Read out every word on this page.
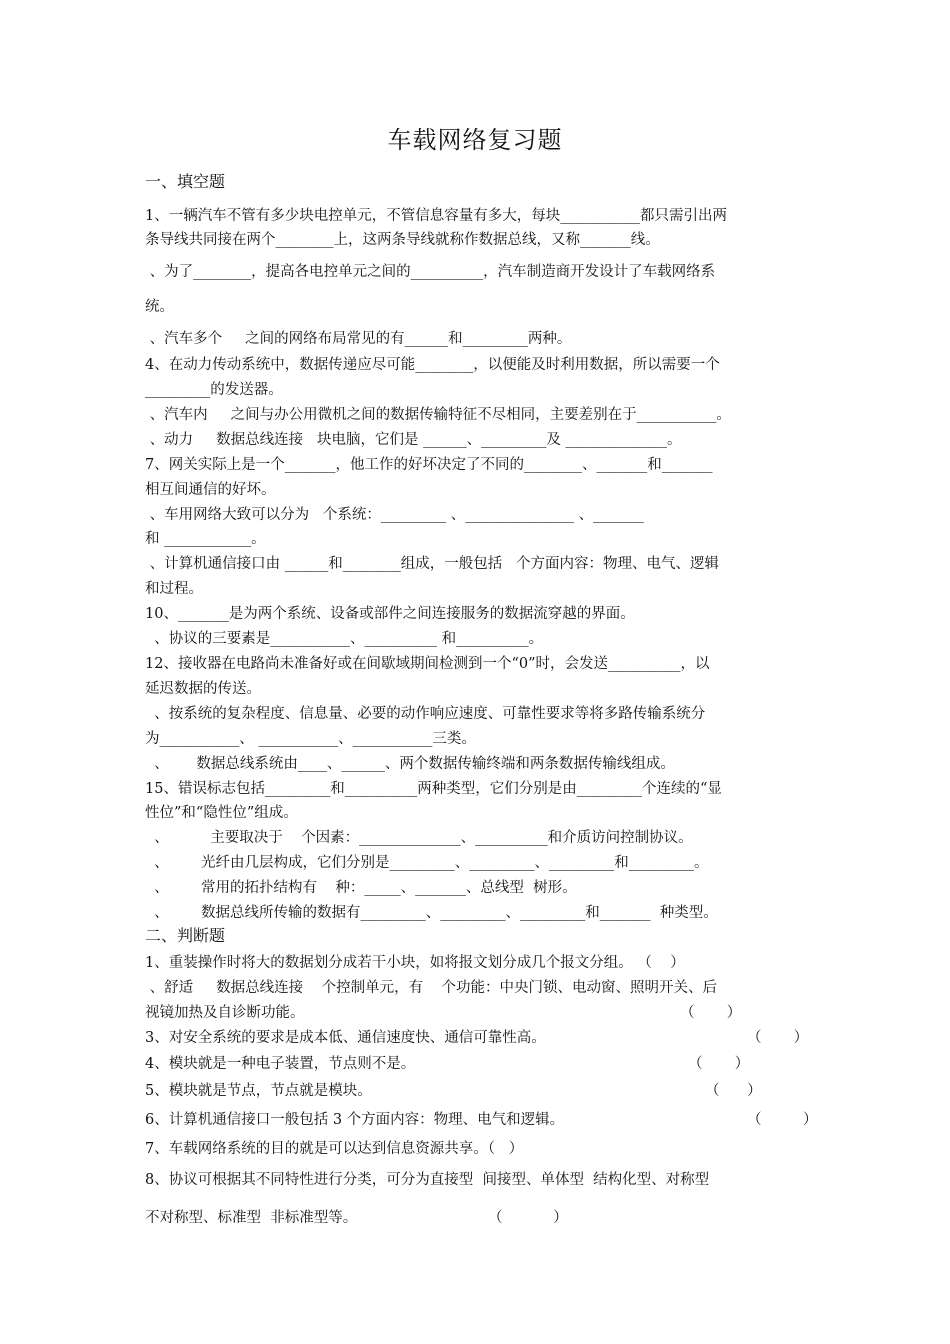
车载网络复习题
一、填空题
1、一辆汽车不管有多少块电控单元，不管信息容量有多大，每块___________都只需引出两
条导线共同接在两个________上，这两条导线就称作数据总线，又称_______线。
、为了________，提高各电控单元之间的__________，汽车制造商开发设计了车载网络系
统。
、汽车多个     之间的网络布局常见的有______和_________两种。
4、在动力传动系统中，数据传递应尽可能________，以便能及时利用数据，所以需要一个
_________的发送器。
、汽车内     之间与办公用微机之间的数据传输特征不尽相同，主要差别在于___________。
、动力     数据总线连接   块电脑，它们是 ______、_________及 ______________。
7、网关实际上是一个_______，他工作的好坏决定了不同的________、_______和_______
相互间通信的好坏。
、车用网络大致可以分为   个系统：_________ 、_______________ 、_______
和 ____________。
、计算机通信接口由 ______和________组成，一般包括   个方面内容：物理、电气、逻辑
和过程。
10、_______是为两个系统、设备或部件之间连接服务的数据流穿越的界面。
、协议的三要素是___________、__________ 和__________。
12、接收器在电路尚未准备好或在间歇域期间检测到一个“0”时，会发送__________，以
延迟数据的传送。
、按系统的复杂程度、信息量、必要的动作响应速度、可靠性要求等将多路传输系统分
为___________、 ___________、___________三类。
、      数据总线系统由____、______、两个数据传输终端和两条数据传输线组成。
15、错误标志包括_________和__________两种类型，它们分别是由_________个连续的“显
性位”和“隐性位”组成。
、         主要取决于    个因素：______________、__________和介质访问控制协议。
、       光纤由几层构成，它们分别是_________、_________、_________和_________。
、       常用的拓扑结构有    种：_____、_______、总线型  树形。
、       数据总线所传输的数据有_________、_________、_________和_______  种类型。
二、判断题
1、重装操作时将大的数据划分成若干小块，如将报文划分成几个报文分组。 （    ）
、舒适     数据总线连接    个控制单元，有    个功能：中央门锁、电动窗、照明开关、后
视镜加热及自诊断功能。	（       ）
3、对安全系统的要求是成本低、通信速度快、通信可靠性高。	（       ）
4、模块就是一种电子装置，节点则不是。	（       ）
5、模块就是节点，节点就是模块。	（      ）
6、计算机通信接口一般包括 3 个方面内容：物理、电气和逻辑。	（         ）
7、车载网络系统的目的就是可以达到信息资源共享。（   ）
8、协议可根据其不同特性进行分类，可分为直接型  间接型、单体型  结构化型、对称型
不对称型、标准型  非标准型等。	（           ）
